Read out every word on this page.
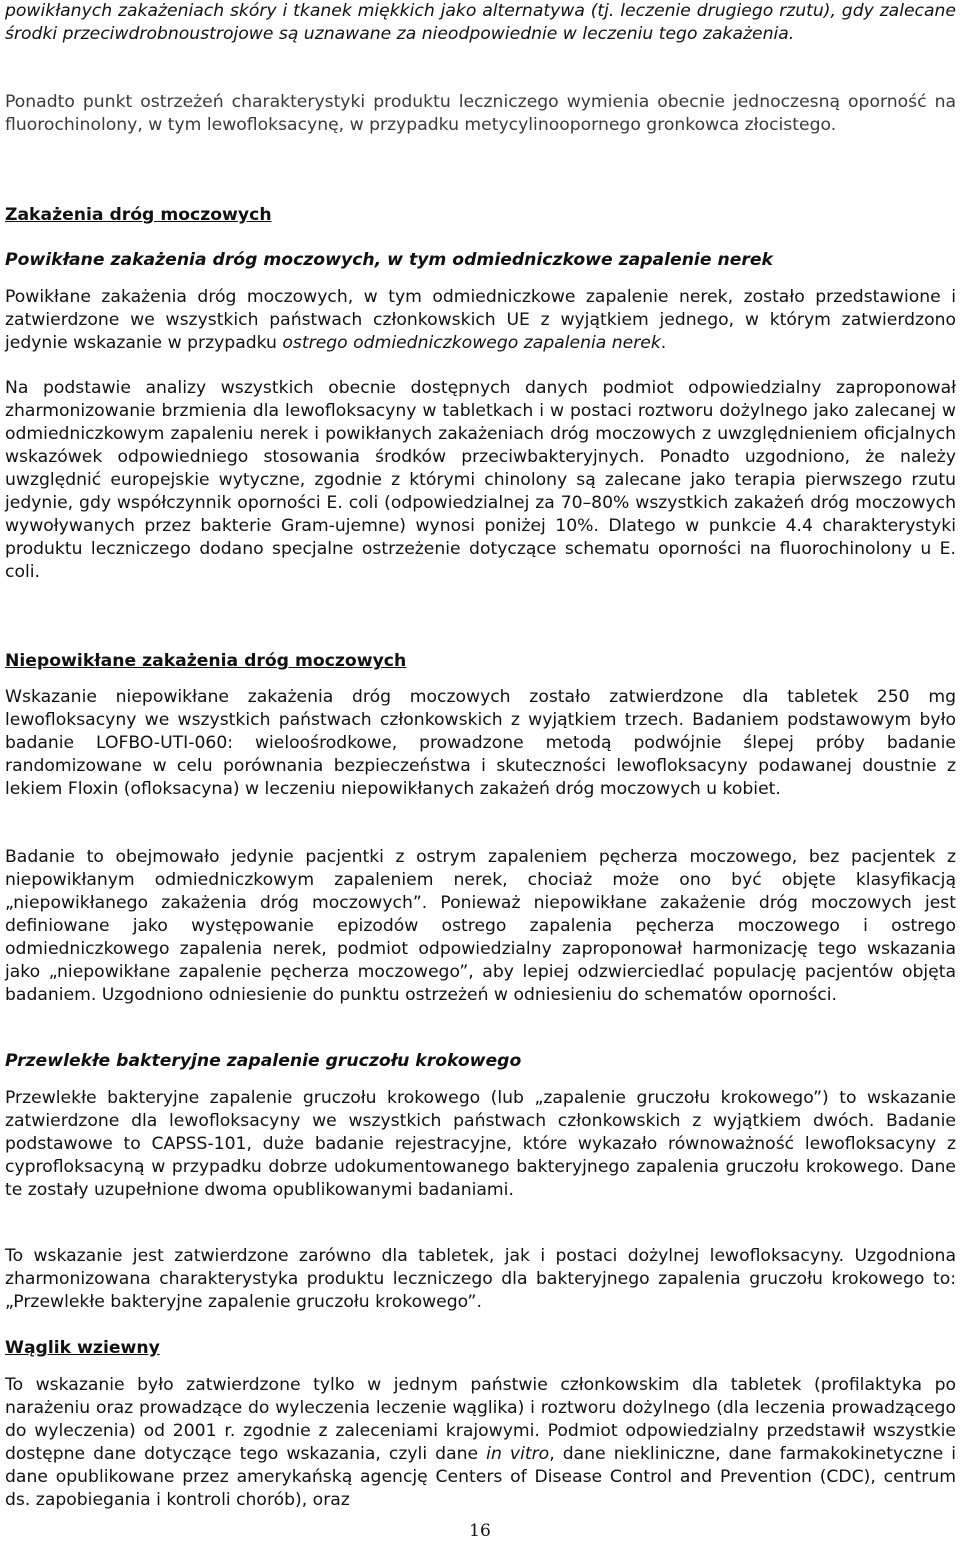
powikłanych zakażeniach skóry i tkanek miękkich jako alternatywa (tj. leczenie drugiego rzutu), gdy zalecane środki przeciwdrobnoustrojowe są uznawane za nieodpowiednie w leczeniu tego zakażenia.

Ponadto punkt ostrzeżeń charakterystyki produktu leczniczego wymienia obecnie jednoczesną oporność na fluorochinolony, w tym lewofloksacynę, w przypadku metycylinoopornego gronkowca złocistego.

Zakażenia dróg moczowych
Powikłane zakażenia dróg moczowych, w tym odmiedniczkowe zapalenie nerek

Powikłane zakażenia dróg moczowych, w tym odmiedniczkowe zapalenie nerek, zostało przedstawione i zatwierdzone we wszystkich państwach członkowskich UE z wyjątkiem jednego, w którym zatwierdzono jedynie wskazanie w przypadku ostrego odmiedniczkowego zapalenia nerek.

Na podstawie analizy wszystkich obecnie dostępnych danych podmiot odpowiedzialny zaproponował zharmonizowanie brzmienia dla lewofloksacyny w tabletkach i w postaci roztworu dożylnego jako zalecanej w odmiedniczkowym zapaleniu nerek i powikłanych zakażeniach dróg moczowych z uwzględnieniem oficjalnych wskazówek odpowiedniego stosowania środków przeciwbakteryjnych. Ponadto uzgodniono, że należy uwzględnić europejskie wytyczne, zgodnie z którymi chinolony są zalecane jako terapia pierwszego rzutu jedynie, gdy współczynnik oporności E. coli (odpowiedzialnej za 70–80% wszystkich zakażeń dróg moczowych wywoływanych przez bakterie Gram-ujemne) wynosi poniżej 10%. Dlatego w punkcie 4.4 charakterystyki produktu leczniczego dodano specjalne ostrzeżenie dotyczące schematu oporności na fluorochinolony u E. coli.

Niepowikłane zakażenia dróg moczowych

Wskazanie niepowikłane zakażenia dróg moczowych zostało zatwierdzone dla tabletek 250 mg lewofloksacyny we wszystkich państwach członkowskich z wyjątkiem trzech. Badaniem podstawowym było badanie LOFBO-UTI-060: wieloośrodkowe, prowadzone metodą podwójnie ślepej próby badanie randomizowane w celu porównania bezpieczeństwa i skuteczności lewofloksacyny podawanej doustnie z lekiem Floxin (ofloksacyna) w leczeniu niepowikłanych zakażeń dróg moczowych u kobiet.

Badanie to obejmowało jedynie pacjentki z ostrym zapaleniem pęcherza moczowego, bez pacjentek z niepowikłanym odmiedniczkowym zapaleniem nerek, chociaż może ono być objęte klasyfikacją „niepowikłanego zakażenia dróg moczowych”. Ponieważ niepowikłane zakażenie dróg moczowych jest definiowane jako występowanie epizodów ostrego zapalenia pęcherza moczowego i ostrego odmiedniczkowego zapalenia nerek, podmiot odpowiedzialny zaproponował harmonizację tego wskazania jako „niepowikłane zapalenie pęcherza moczowego”, aby lepiej odzwierciedlać populację pacjentów objęta badaniem. Uzgodniono odniesienie do punktu ostrzeżeń w odniesieniu do schematów oporności.

Przewlekłe bakteryjne zapalenie gruczołu krokowego

Przewlekłe bakteryjne zapalenie gruczołu krokowego (lub „zapalenie gruczołu krokowego”) to wskazanie zatwierdzone dla lewofloksacyny we wszystkich państwach członkowskich z wyjątkiem dwóch. Badanie podstawowe to CAPSS-101, duże badanie rejestracyjne, które wykazało równoważność lewofloksacyny z cyprofloksacyną w przypadku dobrze udokumentowanego bakteryjnego zapalenia gruczołu krokowego. Dane te zostały uzupełnione dwoma opublikowanymi badaniami.

To wskazanie jest zatwierdzone zarówno dla tabletek, jak i postaci dożylnej lewofloksacyny. Uzgodniona zharmonizowana charakterystyka produktu leczniczego dla bakteryjnego zapalenia gruczołu krokowego to: „Przewlekłe bakteryjne zapalenie gruczołu krokowego”.

Wąglik wziewny

To wskazanie było zatwierdzone tylko w jednym państwie członkowskim dla tabletek (profilaktyka po narażeniu oraz prowadzące do wyleczenia leczenie wąglika) i roztworu dożylnego (dla leczenia prowadzącego do wyleczenia) od 2001 r. zgodnie z zaleceniami krajowymi. Podmiot odpowiedzialny przedstawił wszystkie dostępne dane dotyczące tego wskazania, czyli dane in vitro, dane niekliniczne, dane farmakokinetyczne i dane opublikowane przez amerykańską agencję Centers of Disease Control and Prevention (CDC), centrum ds. zapobiegania i kontroli chorób), oraz

16
